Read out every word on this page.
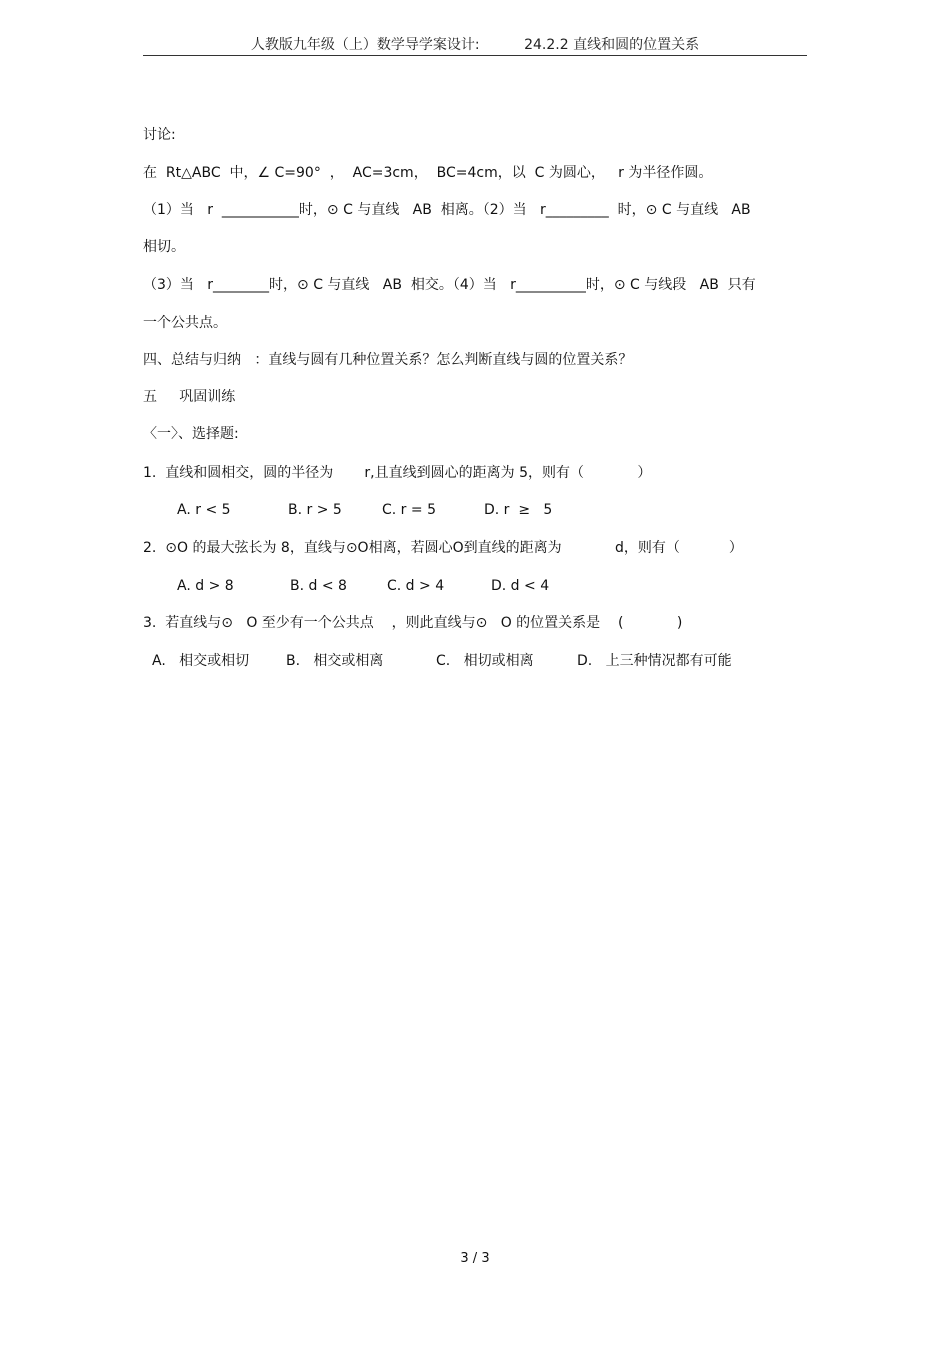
人教版九年级（上）数学导学案设计:          24.2.2 直线和圆的位置关系
讨论:
在  Rt△ABC  中，∠ C=90°  ，  AC=3cm，  BC=4cm，以  C 为圆心，   r 为半径作圆。
（1）当   r  ___________时，⊙ C 与直线   AB  相离。（2）当   r_________  时，⊙ C 与直线   AB
相切。
（3）当   r________时，⊙ C 与直线   AB  相交。（4）当   r__________时，⊙ C 与线段   AB  只有
一个公共点。
四、总结与归纳   ：直线与圆有几种位置关系？怎么判断直线与圆的位置关系？
五     巩固训练
〈一〉、选择题:
1.  直线和圆相交，圆的半径为       r,且直线到圆心的距离为 5，则有（            ）
A. r < 5	B. r > 5	C. r = 5	D. r  ≥   5
2.  ⊙O 的最大弦长为 8，直线与⊙O相离，若圆心O到直线的距离为            d，则有（           ）
A. d > 8	B. d < 8	C. d > 4	D. d < 4
3.  若直线与⊙   O 至少有一个公共点    ，则此直线与⊙   O 的位置关系是    (            )
A.   相交或相切	B.   相交或相离	C.   相切或相离	D.   上三种情况都有可能
3 / 3
